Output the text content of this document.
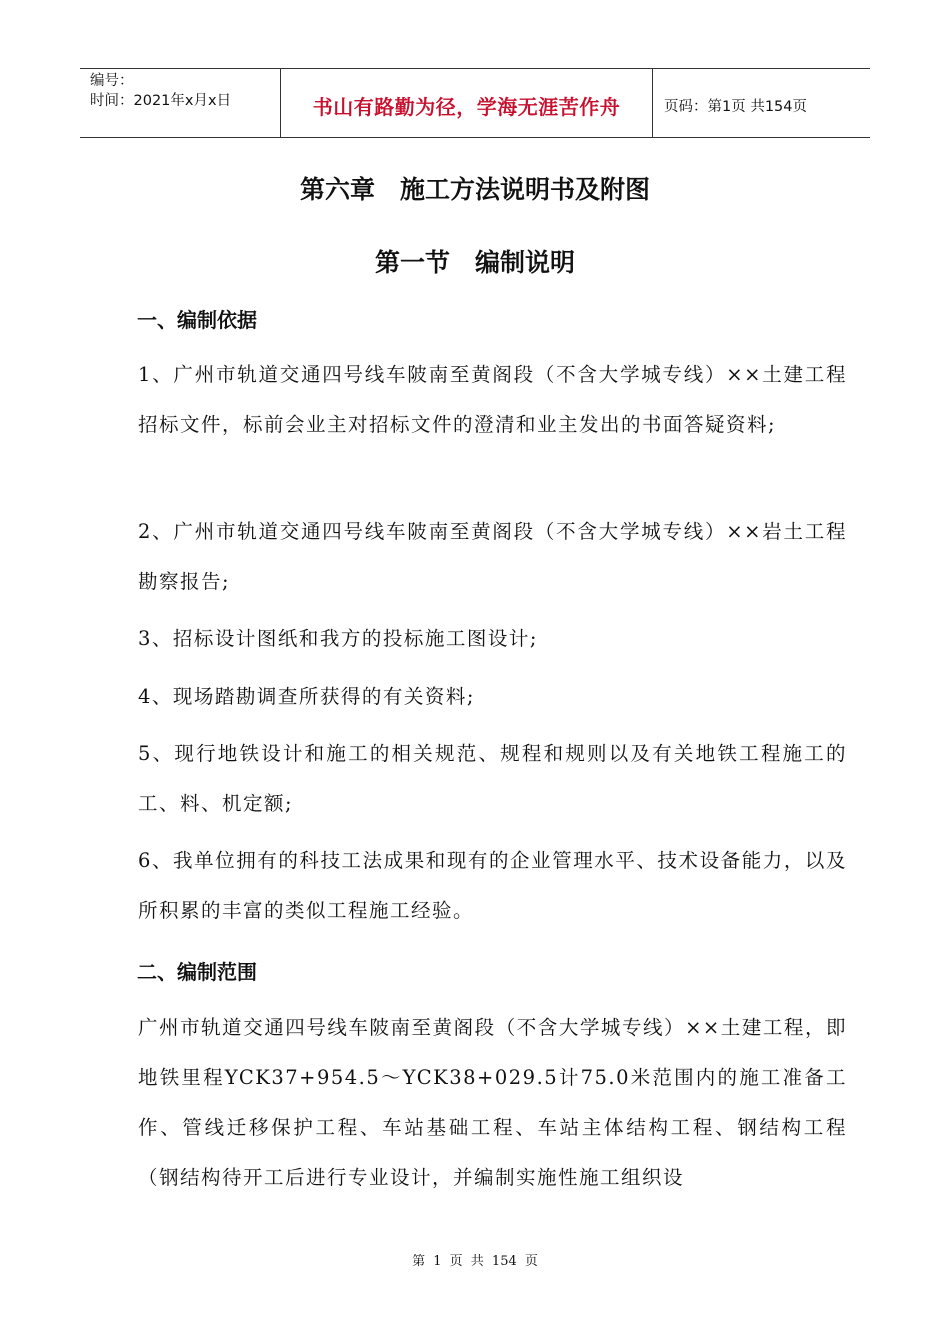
编号：
时间：2021年x月x日	书山有路勤为径，学海无涯苦作舟	页码：第1页 共154页
第六章　施工方法说明书及附图
第一节　编制说明
一、编制依据
1、广州市轨道交通四号线车陂南至黄阁段（不含大学城专线）××土建工程招标文件，标前会业主对招标文件的澄清和业主发出的书面答疑资料;
2、广州市轨道交通四号线车陂南至黄阁段（不含大学城专线）××岩土工程勘察报告;
3、招标设计图纸和我方的投标施工图设计;
4、现场踏勘调查所获得的有关资料;
5、现行地铁设计和施工的相关规范、规程和规则以及有关地铁工程施工的工、料、机定额;
6、我单位拥有的科技工法成果和现有的企业管理水平、技术设备能力，以及所积累的丰富的类似工程施工经验。
二、编制范围
广州市轨道交通四号线车陂南至黄阁段（不含大学城专线）××土建工程，即地铁里程YCK37+954.5～YCK38+029.5计75.0米范围内的施工准备工作、管线迁移保护工程、车站基础工程、车站主体结构工程、钢结构工程（钢结构待开工后进行专业设计，并编制实施性施工组织设
第 1 页 共 154 页
